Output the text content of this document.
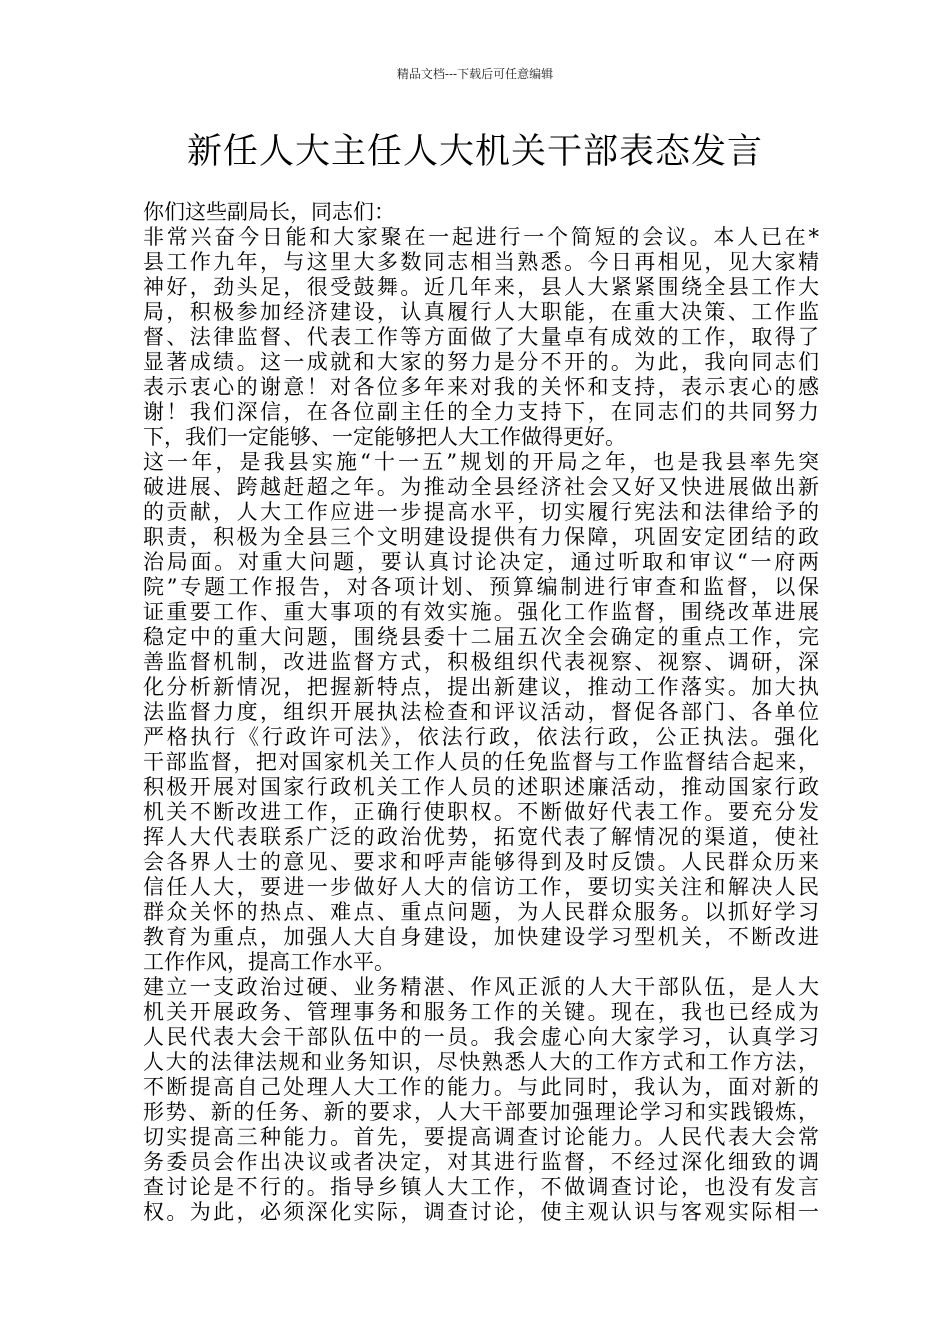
精品文档---下载后可任意编辑
新任人大主任人大机关干部表态发言
你们这些副局长，同志们：
非常兴奋今日能和大家聚在一起进行一个简短的会议。本人已在*
县工作九年，与这里大多数同志相当熟悉。今日再相见，见大家精
神好，劲头足，很受鼓舞。近几年来，县人大紧紧围绕全县工作大
局，积极参加经济建设，认真履行人大职能，在重大决策、工作监
督、法律监督、代表工作等方面做了大量卓有成效的工作，取得了
显著成绩。这一成就和大家的努力是分不开的。为此，我向同志们
表示衷心的谢意！对各位多年来对我的关怀和支持，表示衷心的感
谢！我们深信，在各位副主任的全力支持下，在同志们的共同努力
下，我们一定能够、一定能够把人大工作做得更好。
这一年，是我县实施“十一五”规划的开局之年，也是我县率先突
破进展、跨越赶超之年。为推动全县经济社会又好又快进展做出新
的贡献，人大工作应进一步提高水平，切实履行宪法和法律给予的
职责，积极为全县三个文明建设提供有力保障，巩固安定团结的政
治局面。对重大问题，要认真讨论决定，通过听取和审议“一府两
院”专题工作报告，对各项计划、预算编制进行审查和监督，以保
证重要工作、重大事项的有效实施。强化工作监督，围绕改革进展
稳定中的重大问题，围绕县委十二届五次全会确定的重点工作，完
善监督机制，改进监督方式，积极组织代表视察、视察、调研，深
化分析新情况，把握新特点，提出新建议，推动工作落实。加大执
法监督力度，组织开展执法检查和评议活动，督促各部门、各单位
严格执行《行政许可法》，依法行政，依法行政，公正执法。强化
干部监督，把对国家机关工作人员的任免监督与工作监督结合起来，
积极开展对国家行政机关工作人员的述职述廉活动，推动国家行政
机关不断改进工作，正确行使职权。不断做好代表工作。要充分发
挥人大代表联系广泛的政治优势，拓宽代表了解情况的渠道，使社
会各界人士的意见、要求和呼声能够得到及时反馈。人民群众历来
信任人大，要进一步做好人大的信访工作，要切实关注和解决人民
群众关怀的热点、难点、重点问题，为人民群众服务。以抓好学习
教育为重点，加强人大自身建设，加快建设学习型机关，不断改进
工作作风，提高工作水平。
建立一支政治过硬、业务精湛、作风正派的人大干部队伍，是人大
机关开展政务、管理事务和服务工作的关键。现在，我也已经成为
人民代表大会干部队伍中的一员。我会虚心向大家学习，认真学习
人大的法律法规和业务知识，尽快熟悉人大的工作方式和工作方法，
不断提高自己处理人大工作的能力。与此同时，我认为，面对新的
形势、新的任务、新的要求，人大干部要加强理论学习和实践锻炼，
切实提高三种能力。首先，要提高调查讨论能力。人民代表大会常
务委员会作出决议或者决定，对其进行监督，不经过深化细致的调
查讨论是不行的。指导乡镇人大工作，不做调查讨论，也没有发言
权。为此，必须深化实际，调查讨论，使主观认识与客观实际相一
